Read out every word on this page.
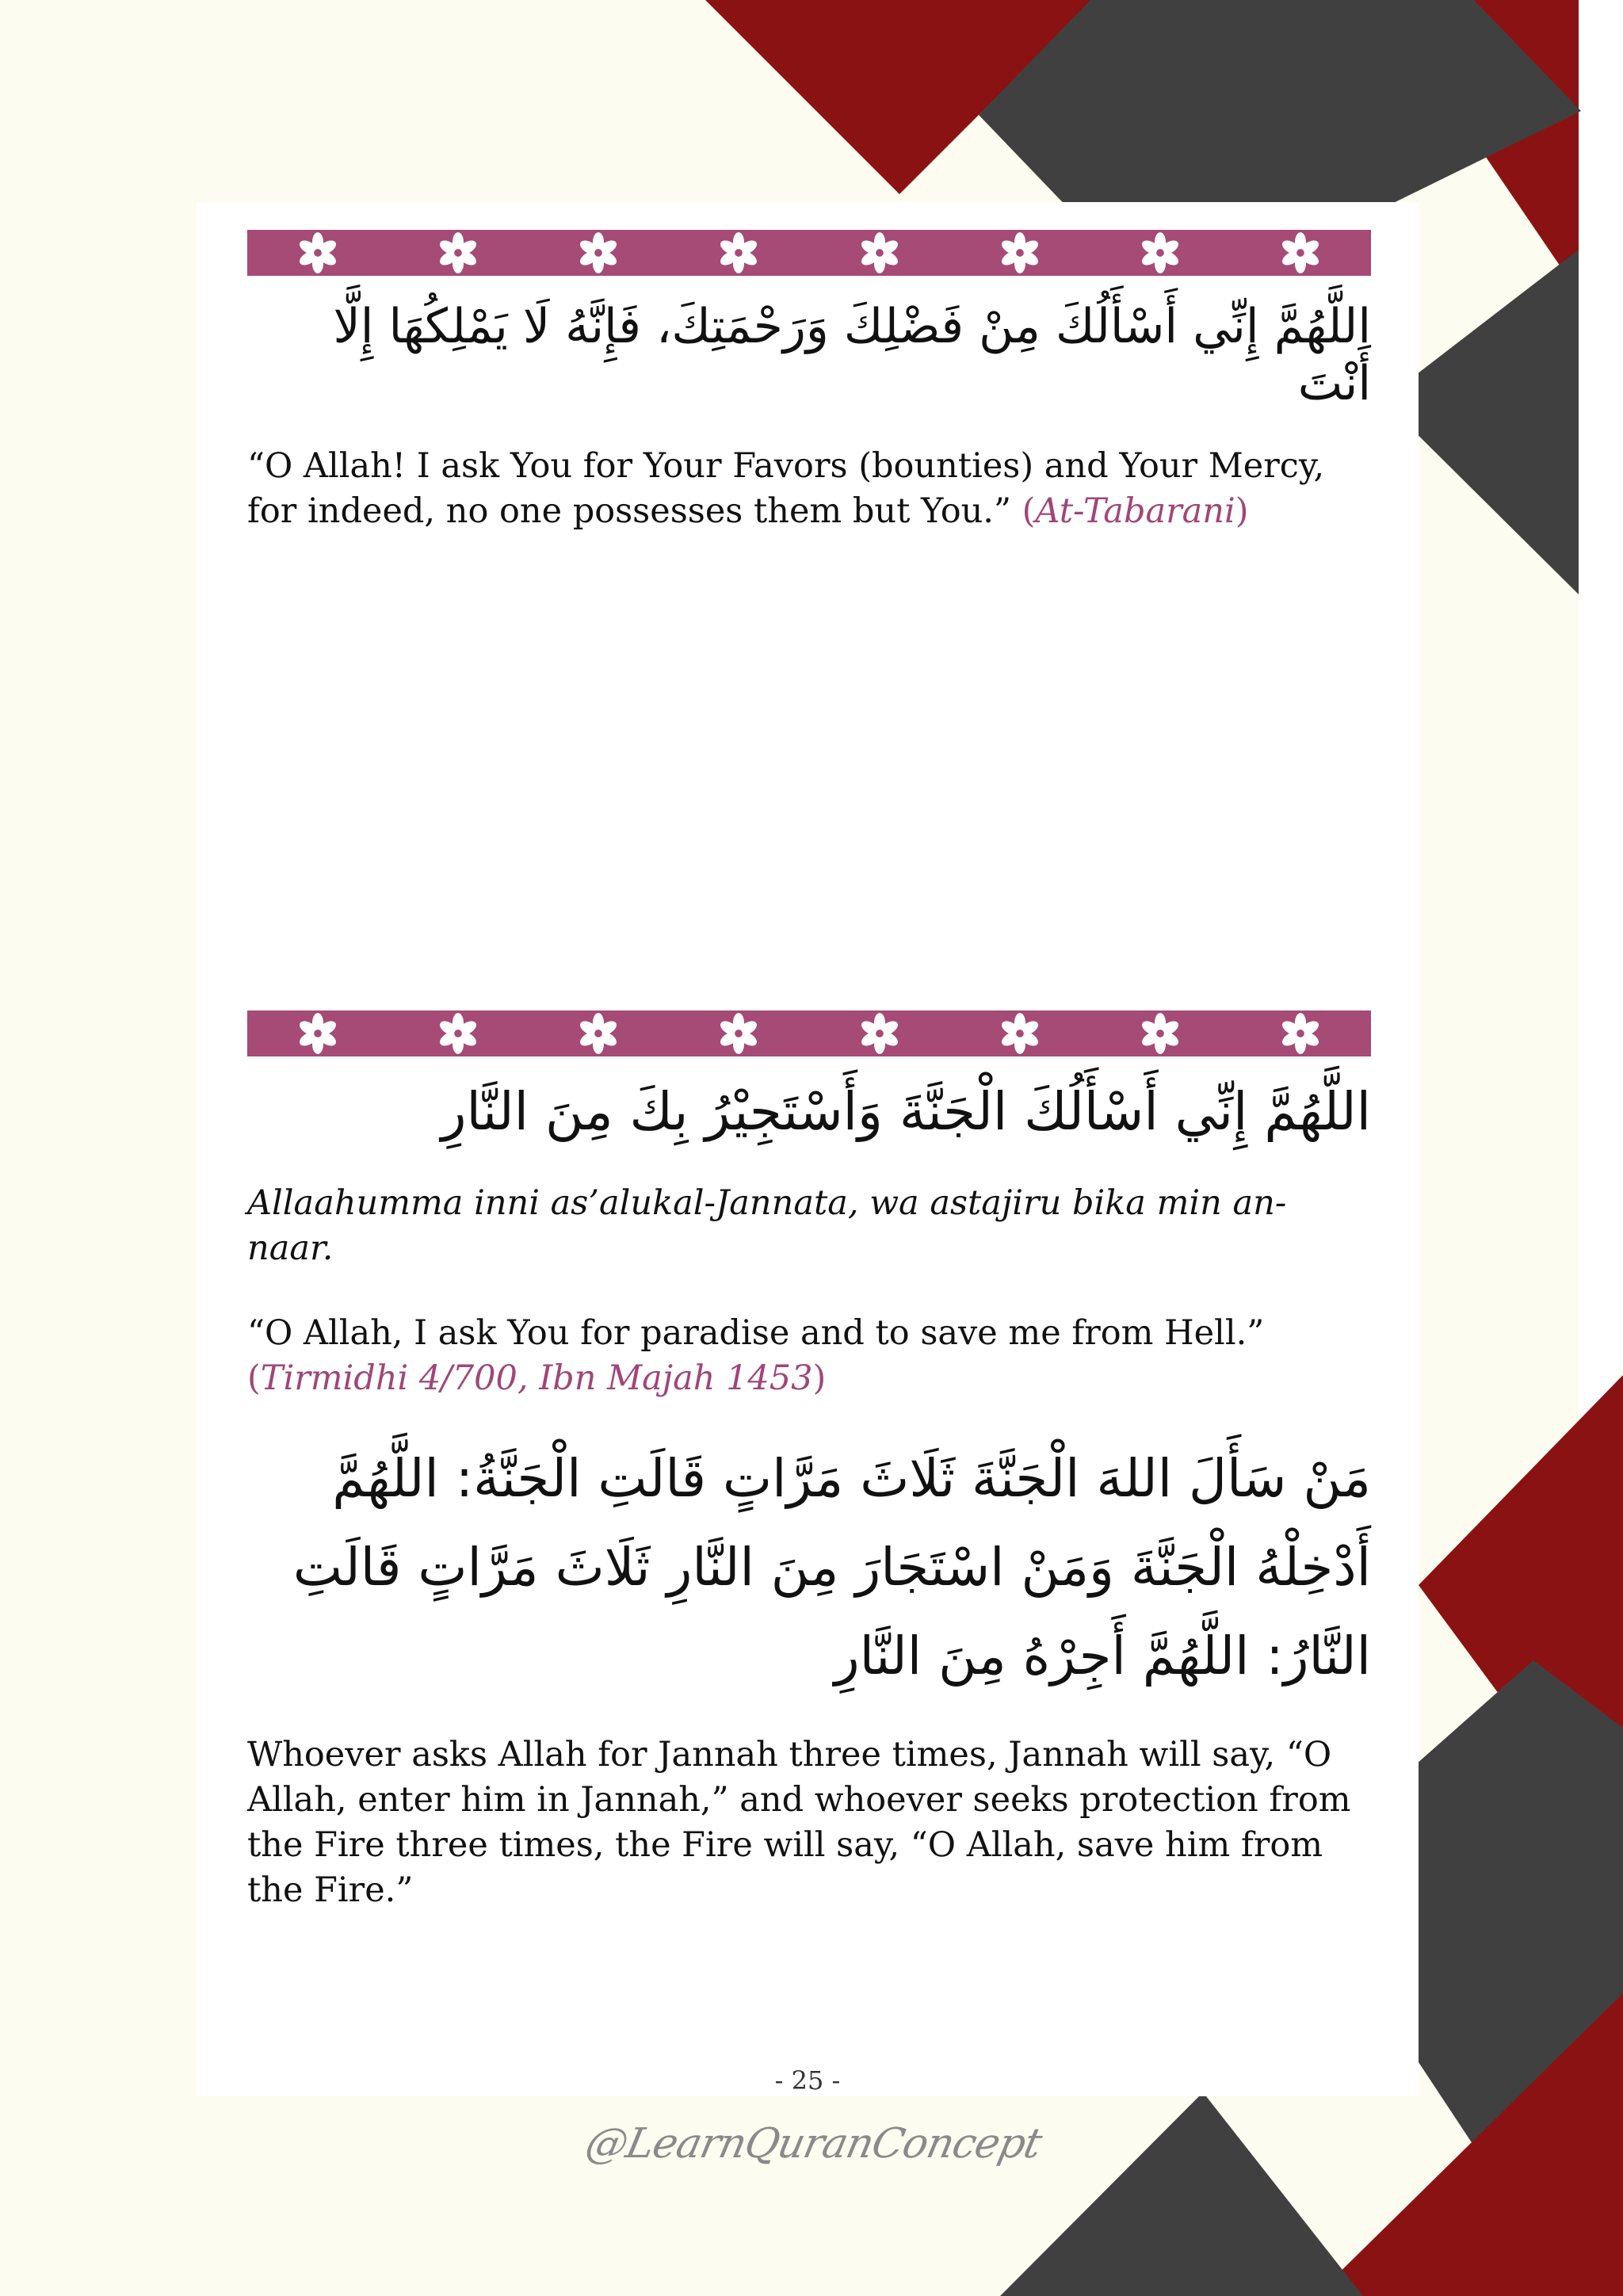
اللَّهُمَّ إِنِّي أَسْأَلُكَ مِنْ فَضْلِكَ وَرَحْمَتِكَ، فَإِنَّهُ لَا يَمْلِكُهَا إِلَّا أَنْتَ

“O Allah! I ask You for Your Favors (bounties) and Your Mercy, for indeed, no one possesses them but You.” (At-Tabarani)

اللَّهُمَّ إِنِّي أَسْأَلُكَ الْجَنَّةَ وَأَسْتَجِيْرُ بِكَ مِنَ النَّارِ

Allaahumma inni as’alukal-Jannata, wa astajiru bika min an-naar.

“O Allah, I ask You for paradise and to save me from Hell.” (Tirmidhi 4/700, Ibn Majah 1453)

مَنْ سَأَلَ اللهَ الْجَنَّةَ ثَلَاثَ مَرَّاتٍ قَالَتِ الْجَنَّةُ: اللَّهُمَّ أَدْخِلْهُ الْجَنَّةَ وَمَنْ اسْتَجَارَ مِنَ النَّارِ ثَلَاثَ مَرَّاتٍ قَالَتِ النَّارُ: اللَّهُمَّ أَجِرْهُ مِنَ النَّارِ

Whoever asks Allah for Jannah three times, Jannah will say, “O Allah, enter him in Jannah,” and whoever seeks protection from the Fire three times, the Fire will say, “O Allah, save him from the Fire.”

- 25 -
@LearnQuranConcept
